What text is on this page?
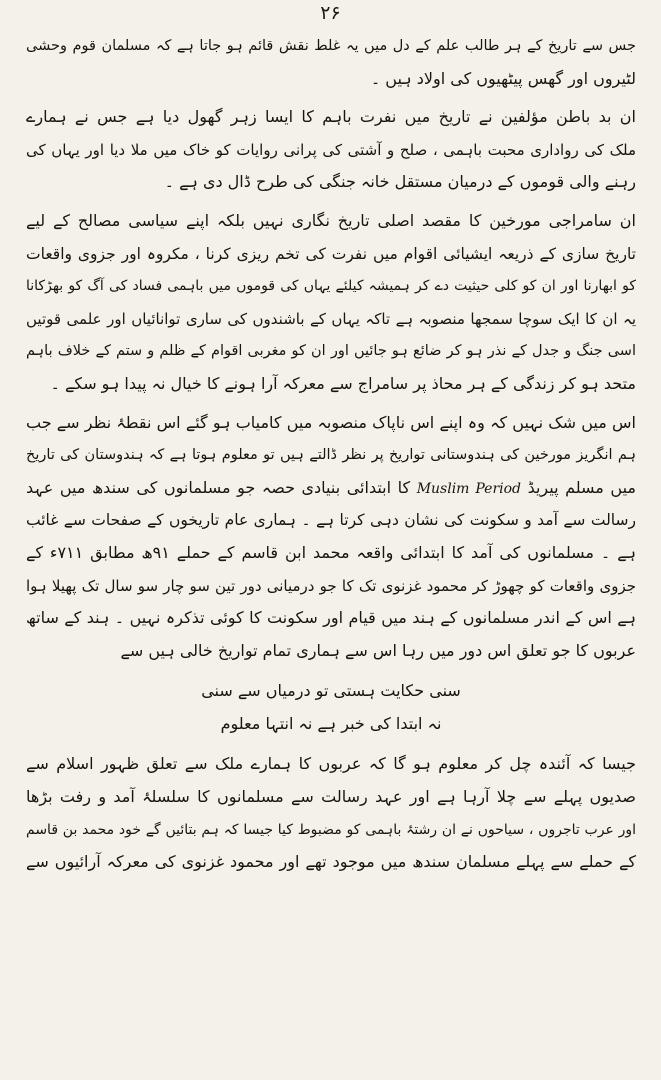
۲۶
جس سے تاریخ کے ہر طالب علم کے دل میں یہ غلط نقش قائم ہو جاتا ہے کہ مسلمان قوم وحشی
لٹیروں اور گھس پیٹھیوں کی اولاد ہیں ۔
ان بد باطن مؤلفین نے تاریخ میں نفرت باہم کا ایسا زہر گھول دیا ہے جس نے ہمارے
ملک کی رواداری محبت باہمی ، صلح و آشتی کی پرانی روایات کو خاک میں ملا دیا اور یہاں کی
رہنے والی قوموں کے درمیان مستقل خانہ جنگی کی طرح ڈال دی ہے ۔
ان سامراجی مورخین کا مقصد اصلی تاریخ نگاری نہیں بلکہ اپنے سیاسی مصالح کے لیے
تاریخ سازی کے ذریعہ ایشیائی اقوام میں نفرت کی تخم ریزی کرنا ، مکروہ اور جزوی واقعات
کو ابھارنا اور ان کو کلی حیثیت دے کر ہمیشہ کیلئے یہاں کی قوموں میں باہمی فساد کی آگ کو بھڑکانا
یہ ان کا ایک سوچا سمجھا منصوبہ ہے تاکہ یہاں کے باشندوں کی ساری توانائیاں اور علمی قوتیں
اسی جنگ و جدل کے نذر ہو کر ضائع ہو جائیں اور ان کو مغربی اقوام کے ظلم و ستم کے خلاف باہم
متحد ہو کر زندگی کے ہر محاذ پر سامراج سے معرکہ آرا ہونے کا خیال نہ پیدا ہو سکے ۔
اس میں شک نہیں کہ وہ اپنے اس ناپاک منصوبہ میں کامیاب ہو گئے اس نقطۂ نظر سے جب
ہم انگریز مورخین کی ہندوستانی تواریخ پر نظر ڈالتے ہیں تو معلوم ہوتا ہے کہ ہندوستان کی تاریخ
میں مسلم پیریڈ Muslim Period کا ابتدائی بنیادی حصہ جو مسلمانوں کی سندھ میں عہد
رسالت سے آمد و سکونت کی نشان دہی کرتا ہے ۔ ہماری عام تاریخوں کے صفحات سے غائب
ہے ۔ مسلمانوں کی آمد کا ابتدائی واقعہ محمد ابن قاسم کے حملے ۹۱ھ مطابق ۷۱۱ء کے
جزوی واقعات کو چھوڑ کر محمود غزنوی تک کا جو درمیانی دور تین سو چار سو سال تک پھیلا ہوا
ہے اس کے اندر مسلمانوں کے ہند میں قیام اور سکونت کا کوئی تذکرہ نہیں ۔ ہند کے ساتھ
عربوں کا جو تعلق اس دور میں رہا اس سے ہماری تمام تواریخ خالی ہیں سے
سنی حکایت ہستی تو درمیاں سے سنی
نہ ابتدا کی خبر ہے نہ انتہا معلوم
جیسا کہ آئندہ چل کر معلوم ہو گا کہ عربوں کا ہمارے ملک سے تعلق ظہور اسلام سے
صدیوں پہلے سے چلا آرہا ہے اور عہد رسالت سے مسلمانوں کا سلسلۂ آمد و رفت بڑھا
اور عرب تاجروں ، سیاحوں نے ان رشتۂ باہمی کو مضبوط کیا جیسا کہ ہم بتائیں گے خود محمد بن قاسم
کے حملے سے پہلے مسلمان سندھ میں موجود تھے اور محمود غزنوی کی معرکہ آرائیوں سے
